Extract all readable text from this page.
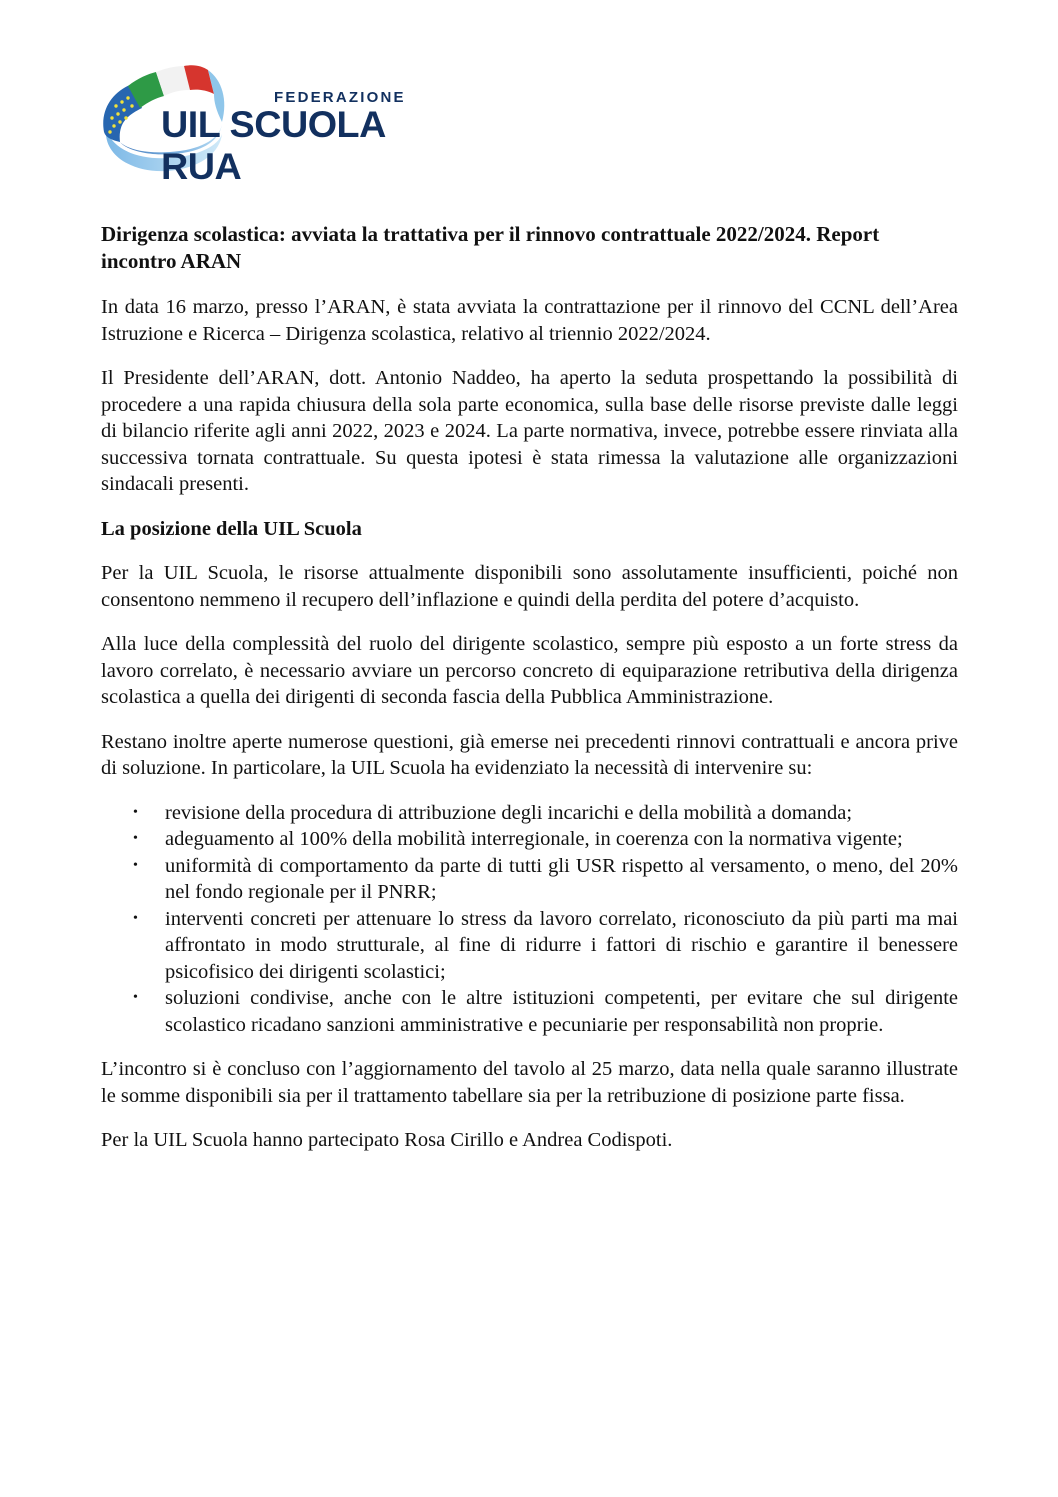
FEDERAZIONE
UIL SCUOLA RUA
Dirigenza scolastica: avviata la trattativa per il rinnovo contrattuale 2022/2024. Report incontro ARAN

In data 16 marzo, presso l’ARAN, è stata avviata la contrattazione per il rinnovo del CCNL dell’Area Istruzione e Ricerca – Dirigenza scolastica, relativo al triennio 2022/2024.

Il Presidente dell’ARAN, dott. Antonio Naddeo, ha aperto la seduta prospettando la possibilità di procedere a una rapida chiusura della sola parte economica, sulla base delle risorse previste dalle leggi di bilancio riferite agli anni 2022, 2023 e 2024. La parte normativa, invece, potrebbe essere rinviata alla successiva tornata contrattuale. Su questa ipotesi è stata rimessa la valutazione alle organizzazioni sindacali presenti.

La posizione della UIL Scuola

Per la UIL Scuola, le risorse attualmente disponibili sono assolutamente insufficienti, poiché non consentono nemmeno il recupero dell’inflazione e quindi della perdita del potere d’acquisto.

Alla luce della complessità del ruolo del dirigente scolastico, sempre più esposto a un forte stress da lavoro correlato, è necessario avviare un percorso concreto di equiparazione retributiva della dirigenza scolastica a quella dei dirigenti di seconda fascia della Pubblica Amministrazione.

Restano inoltre aperte numerose questioni, già emerse nei precedenti rinnovi contrattuali e ancora prive di soluzione. In particolare, la UIL Scuola ha evidenziato la necessità di intervenire su:

• revisione della procedura di attribuzione degli incarichi e della mobilità a domanda;
• adeguamento al 100% della mobilità interregionale, in coerenza con la normativa vigente;
• uniformità di comportamento da parte di tutti gli USR rispetto al versamento, o meno, del 20% nel fondo regionale per il PNRR;
• interventi concreti per attenuare lo stress da lavoro correlato, riconosciuto da più parti ma mai affrontato in modo strutturale, al fine di ridurre i fattori di rischio e garantire il benessere psicofisico dei dirigenti scolastici;
• soluzioni condivise, anche con le altre istituzioni competenti, per evitare che sul dirigente scolastico ricadano sanzioni amministrative e pecuniarie per responsabilità non proprie.

L’incontro si è concluso con l’aggiornamento del tavolo al 25 marzo, data nella quale saranno illustrate le somme disponibili sia per il trattamento tabellare sia per la retribuzione di posizione parte fissa.

Per la UIL Scuola hanno partecipato Rosa Cirillo e Andrea Codispoti.
